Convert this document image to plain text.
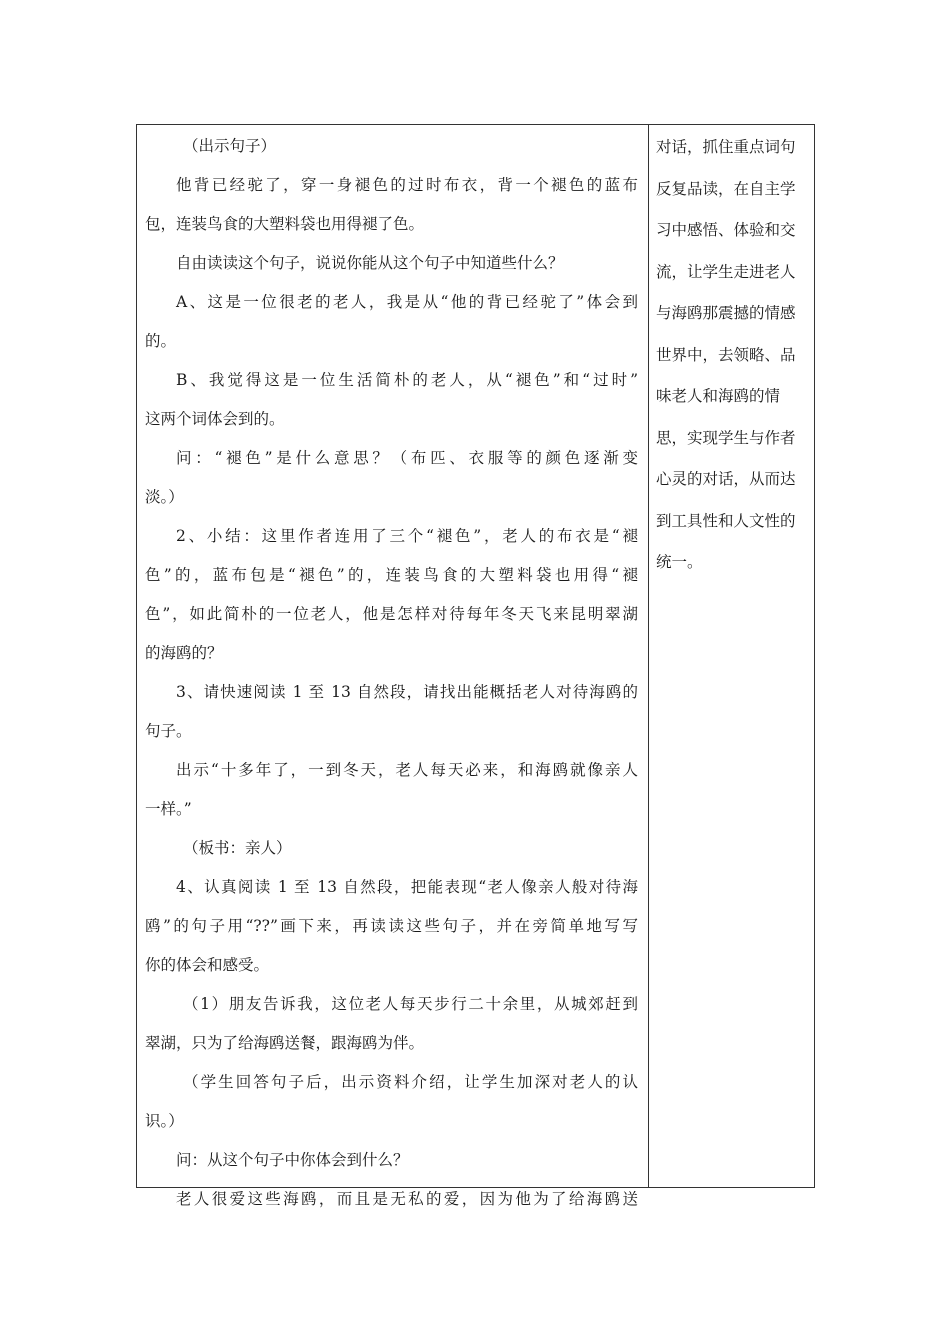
（出示句子）
他背已经驼了，穿一身褪色的过时布衣，背一个褪色的蓝布
包，连装鸟食的大塑料袋也用得褪了色。
自由读读这个句子，说说你能从这个句子中知道些什么？
A、这是一位很老的老人，我是从“他的背已经驼了”体会到
的。
B、我觉得这是一位生活简朴的老人，从“褪色”和“过时”
这两个词体会到的。
问：“褪色”是什么意思？（布匹、衣服等的颜色逐渐变
淡。）
2、小结：这里作者连用了三个“褪色”，老人的布衣是“褪
色”的，蓝布包是“褪色”的，连装鸟食的大塑料袋也用得“褪
色”，如此简朴的一位老人，他是怎样对待每年冬天飞来昆明翠湖
的海鸥的？
3、请快速阅读 1 至 13 自然段，请找出能概括老人对待海鸥的
句子。
出示“十多年了，一到冬天，老人每天必来，和海鸥就像亲人
一样。”
（板书：亲人）
4、认真阅读 1 至 13 自然段，把能表现“老人像亲人般对待海
鸥”的句子用“??”画下来，再读读这些句子，并在旁简单地写写
你的体会和感受。
（1）朋友告诉我，这位老人每天步行二十余里，从城郊赶到
翠湖，只为了给海鸥送餐，跟海鸥为伴。
（学生回答句子后，出示资料介绍，让学生加深对老人的认
识。）
问：从这个句子中你体会到什么？
老人很爱这些海鸥，而且是无私的爱，因为他为了给海鸥送
对话，抓住重点词句
反复品读，在自主学
习中感悟、体验和交
流，让学生走进老人
与海鸥那震撼的情感
世界中，去领略、品
味老人和海鸥的情
思，实现学生与作者
心灵的对话，从而达
到工具性和人文性的
统一。
